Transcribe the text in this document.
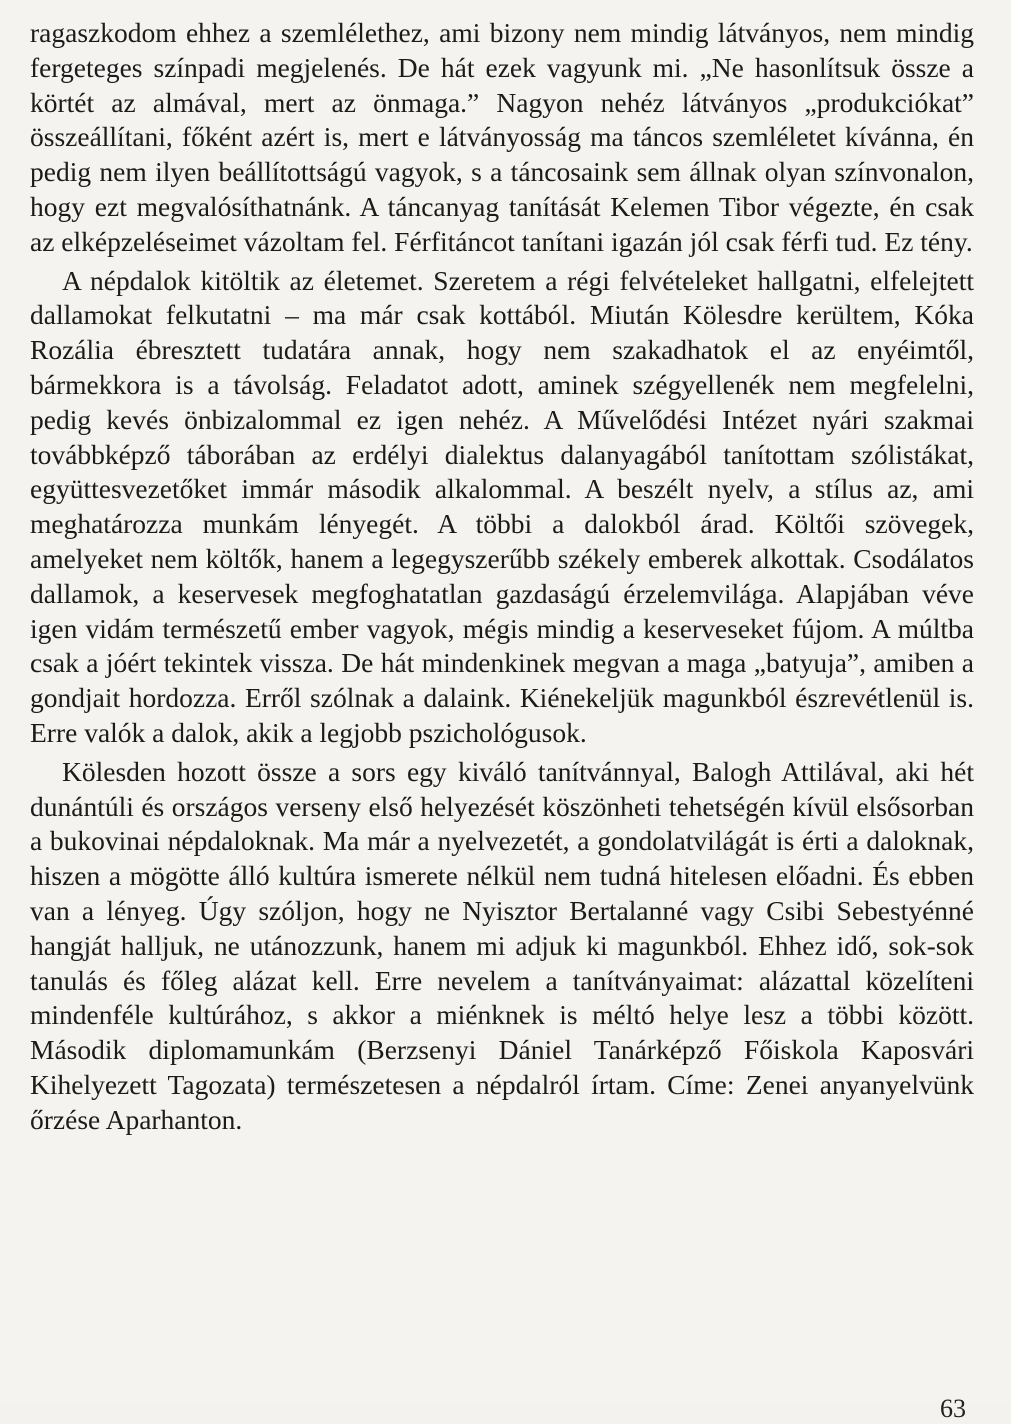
ragaszkodom ehhez a szemlélethez, ami bizony nem mindig látványos, nem mindig fergeteges színpadi megjelenés. De hát ezek vagyunk mi. „Ne hasonlítsuk össze a körtét az almával, mert az önmaga.” Nagyon nehéz látványos „produkciókat” összeállítani, főként azért is, mert e látványosság ma táncos szemléletet kívánna, én pedig nem ilyen beállítottságú vagyok, s a táncosaink sem állnak olyan színvonalon, hogy ezt megvalósíthatnánk. A táncanyag tanítását Kelemen Tibor végezte, én csak az elképzeléseimet vázoltam fel. Férfitáncot tanítani igazán jól csak férfi tud. Ez tény.

A népdalok kitöltik az életemet. Szeretem a régi felvételeket hallgatni, elfelejtett dallamokat felkutatni – ma már csak kottából. Miután Kölesdre kerültem, Kóka Rozália ébresztett tudatára annak, hogy nem szakadhatok el az enyéimtől, bármekkora is a távolság. Feladatot adott, aminek szégyellenék nem megfelelni, pedig kevés önbizalommal ez igen nehéz. A Művelődési Intézet nyári szakmai továbbképző táborában az erdélyi dialektus dalanyagából tanítottam szólistákat, együttesvezetőket immár második alkalommal. A beszélt nyelv, a stílus az, ami meghatározza munkám lényegét. A többi a dalokból árad. Költői szövegek, amelyeket nem költők, hanem a legegyszerűbb székely emberek alkottak. Csodálatos dallamok, a keservesek megfoghatatlan gazdaságú érzelemvilága. Alapjában véve igen vidám természetű ember vagyok, mégis mindig a keserveseket fújom. A múltba csak a jóért tekintek vissza. De hát mindenkinek megvan a maga „batyuja”, amiben a gondjait hordozza. Erről szólnak a dalaink. Kiénekeljük magunkból észrevétlenül is. Erre valók a dalok, akik a legjobb pszichológusok.

Kölesden hozott össze a sors egy kiváló tanítvánnyal, Balogh Attilával, aki hét dunántúli és országos verseny első helyezését köszönheti tehetségén kívül elsősorban a bukovinai népdaloknak. Ma már a nyelvezetét, a gondolatvilágát is érti a daloknak, hiszen a mögötte álló kultúra ismerete nélkül nem tudná hitelesen előadni. És ebben van a lényeg. Úgy szóljon, hogy ne Nyisztor Bertalanné vagy Csibi Sebestyénné hangját halljuk, ne utánozzunk, hanem mi adjuk ki magunkból. Ehhez idő, sok-sok tanulás és főleg alázat kell. Erre nevelem a tanítványaimat: alázattal közelíteni mindenféle kultúrához, s akkor a miénknek is méltó helye lesz a többi között. Második diplomamunkám (Berzsenyi Dániel Tanárképző Főiskola Kaposvári Kihelyezett Tagozata) természetesen a népdalról írtam. Címe: Zenei anyanyelvünk őrzése Aparhanton.

63
